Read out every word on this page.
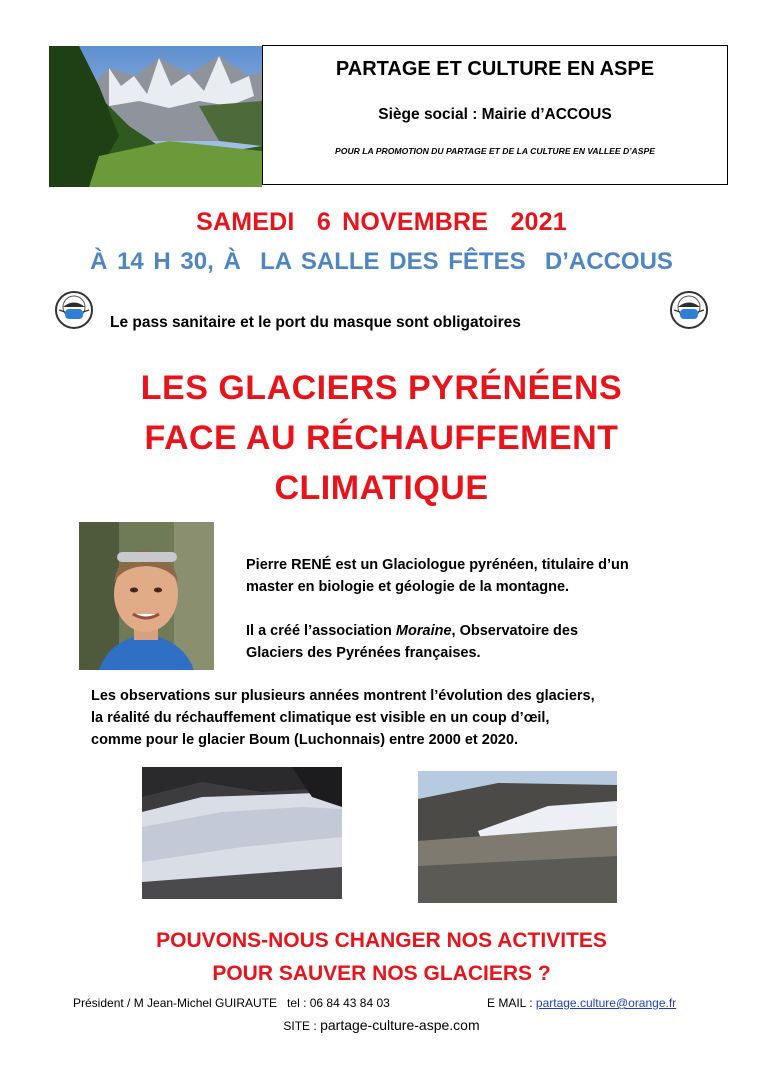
PARTAGE ET CULTURE EN ASPE
Siège social : Mairie d’ACCOUS
POUR LA PROMOTION DU PARTAGE ET DE LA CULTURE EN VALLEE D’ASPE
SAMEDI  6 NOVEMBRE  2021
À 14 H 30, À  LA SALLE DES FÊTES  D’ACCOUS
Le pass sanitaire et le port du masque sont obligatoires
LES GLACIERS PYRÉNÉENS
FACE AU RÉCHAUFFEMENT
CLIMATIQUE
Pierre RENÉ est un Glaciologue pyrénéen, titulaire d’un
master en biologie et géologie de la montagne.
Il a créé l’association Moraine, Observatoire des
Glaciers des Pyrénées françaises.
Les observations sur plusieurs années montrent l’évolution des glaciers,
la réalité du réchauffement climatique est visible en un coup d’œil,
comme pour le glacier Boum (Luchonnais) entre 2000 et 2020.
POUVONS-NOUS CHANGER NOS ACTIVITES
POUR SAUVER NOS GLACIERS ?
Président / M Jean-Michel GUIRAUTE   tel : 06 84 43 84 03	E MAIL : partage.culture@orange.fr
SITE : partage-culture-aspe.com
